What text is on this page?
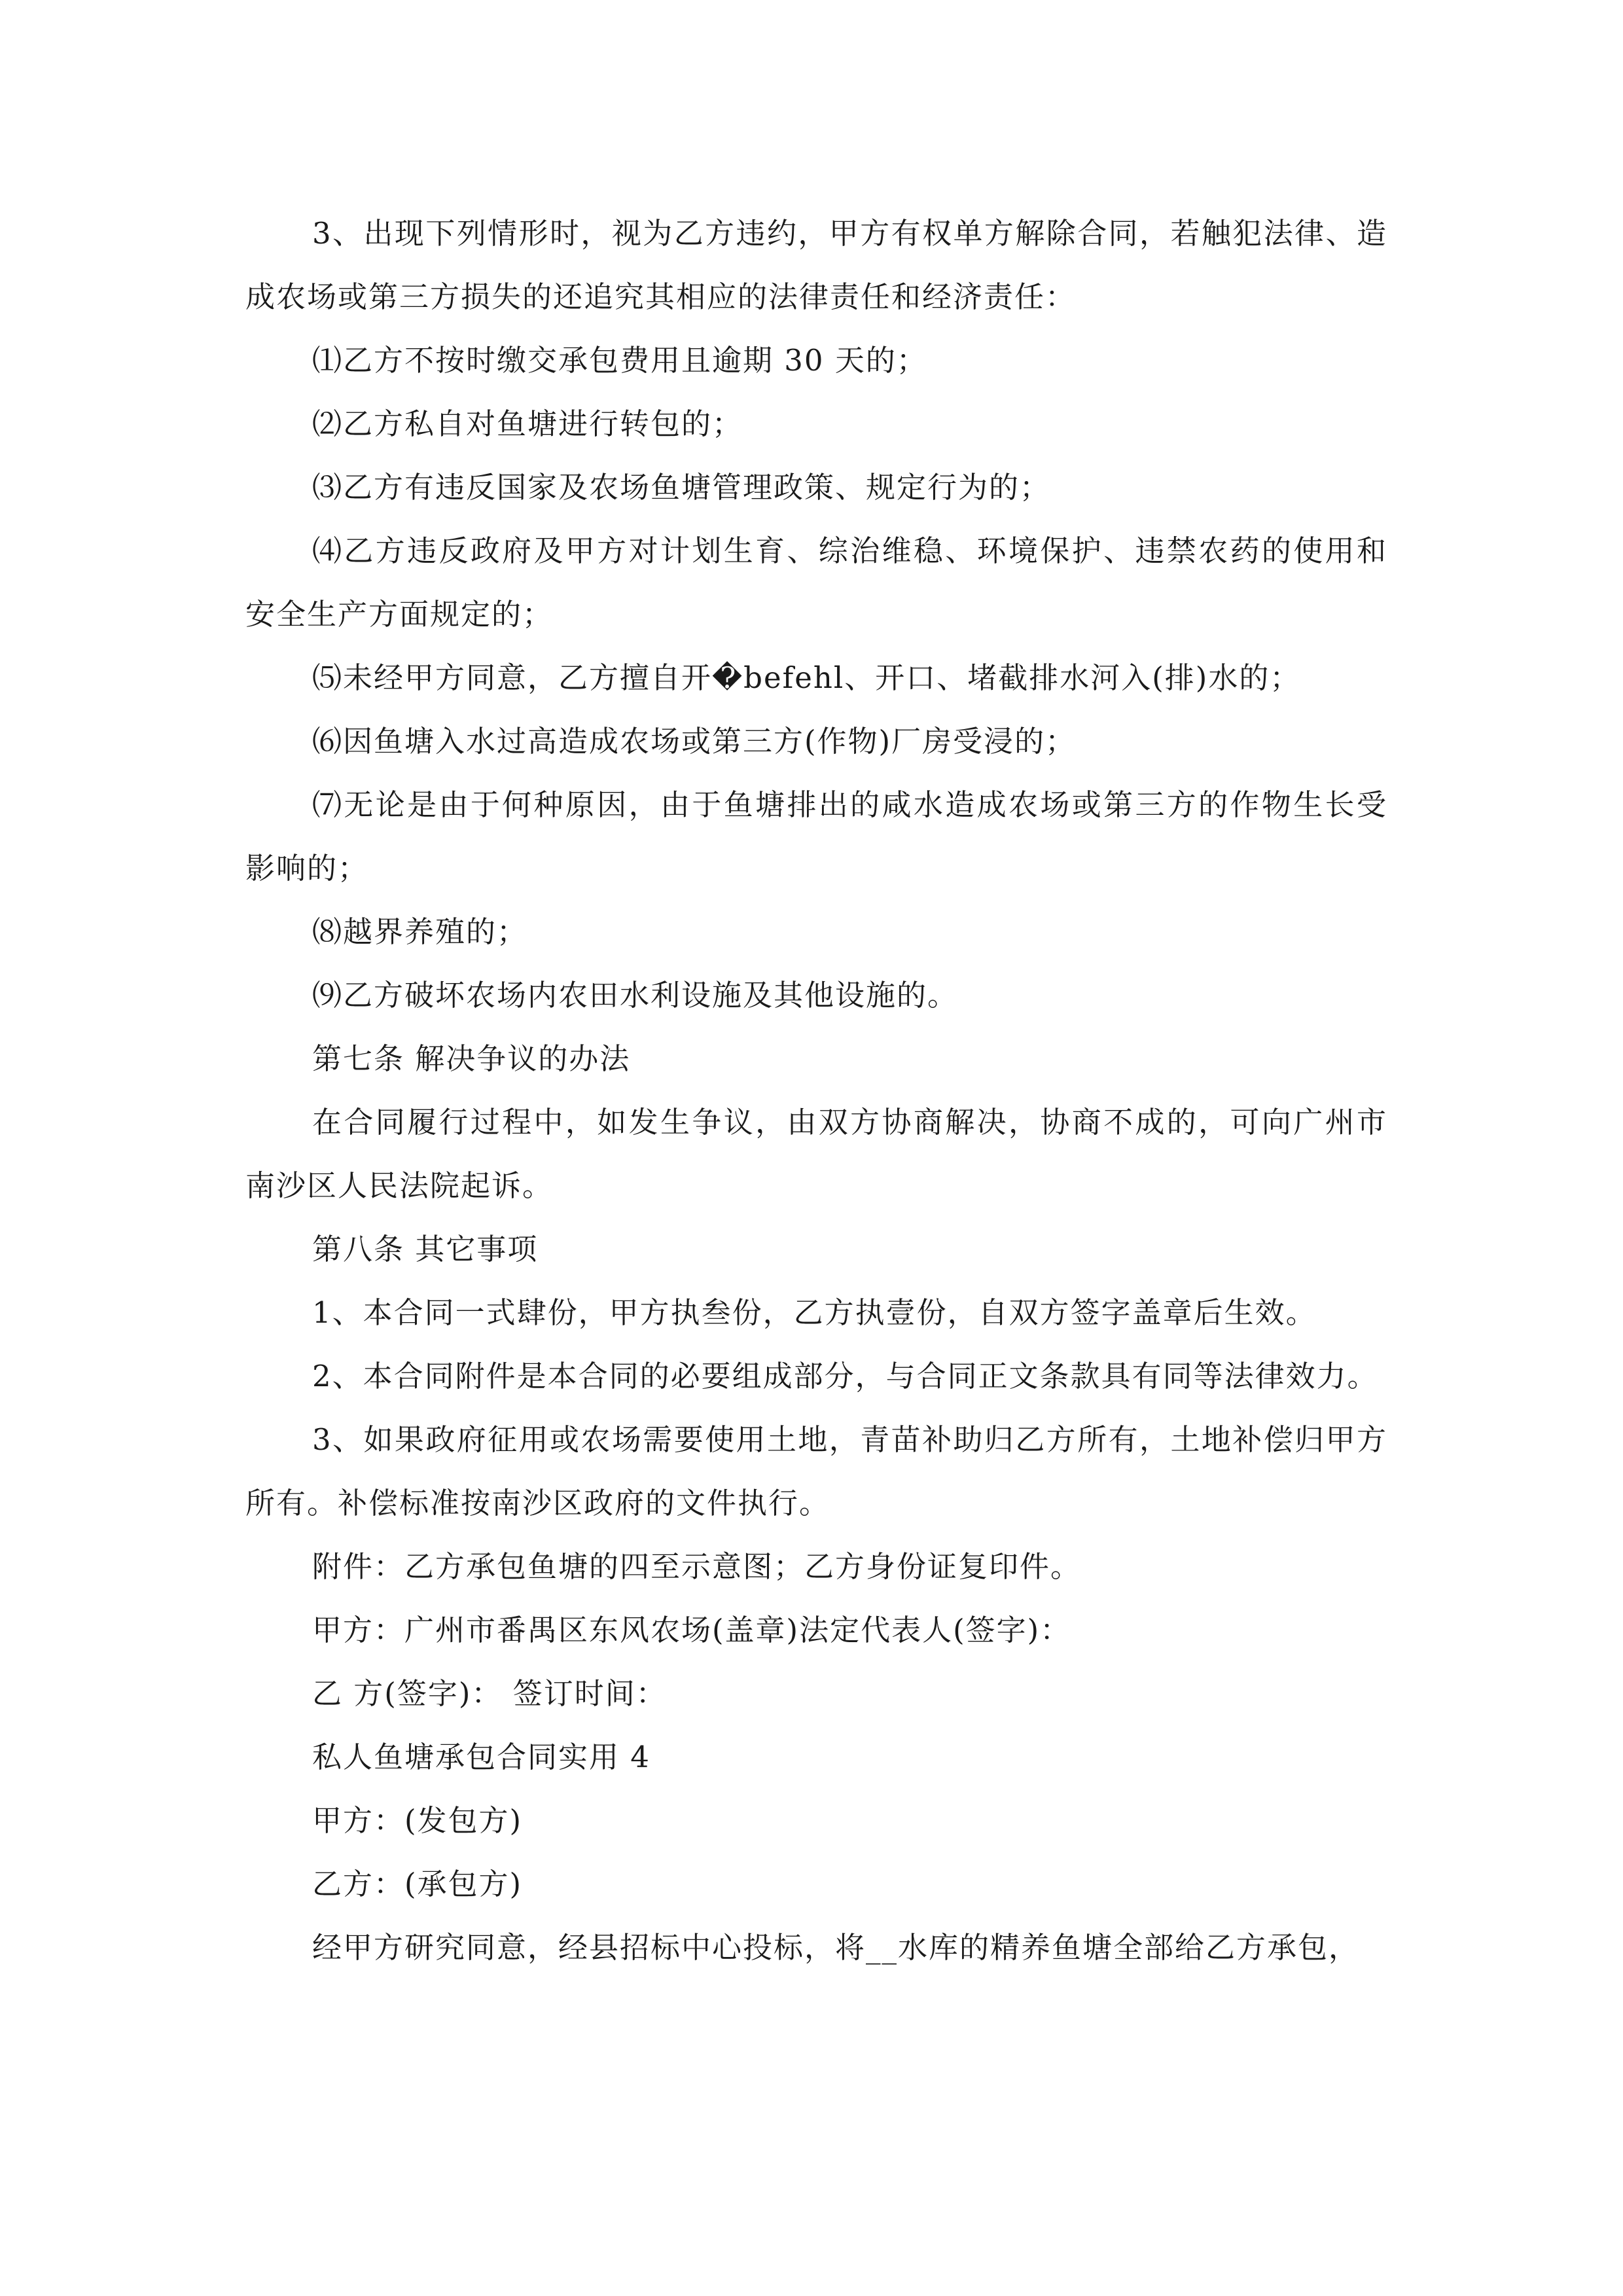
3、出现下列情形时，视为乙方违约，甲方有权单方解除合同，若触犯法律、造成农场或第三方损失的还追究其相应的法律责任和经济责任：

⑴乙方不按时缴交承包费用且逾期 30 天的；

⑵乙方私自对鱼塘进行转包的；

⑶乙方有违反国家及农场鱼塘管理政策、规定行为的；

⑷乙方违反政府及甲方对计划生育、综治维稳、环境保护、违禁农药的使用和安全生产方面规定的；

⑸未经甲方同意，乙方擅自开�befehl、开口、堵截排水河入(排)水的；

⑹因鱼塘入水过高造成农场或第三方(作物)厂房受浸的；

⑺无论是由于何种原因，由于鱼塘排出的咸水造成农场或第三方的作物生长受影响的；

⑻越界养殖的；

⑼乙方破坏农场内农田水利设施及其他设施的。

第七条 解决争议的办法

在合同履行过程中，如发生争议，由双方协商解决，协商不成的，可向广州市南沙区人民法院起诉。

第八条 其它事项

1、本合同一式肆份，甲方执叁份，乙方执壹份，自双方签字盖章后生效。

2、本合同附件是本合同的必要组成部分，与合同正文条款具有同等法律效力。

3、如果政府征用或农场需要使用土地，青苗补助归乙方所有，土地补偿归甲方所有。补偿标准按南沙区政府的文件执行。

附件：乙方承包鱼塘的四至示意图；乙方身份证复印件。

甲方：广州市番禺区东风农场(盖章)法定代表人(签字)：

乙 方(签字)： 签订时间：

私人鱼塘承包合同实用 4

甲方：(发包方)

乙方：(承包方)

经甲方研究同意，经县招标中心投标，将__水库的精养鱼塘全部给乙方承包，
